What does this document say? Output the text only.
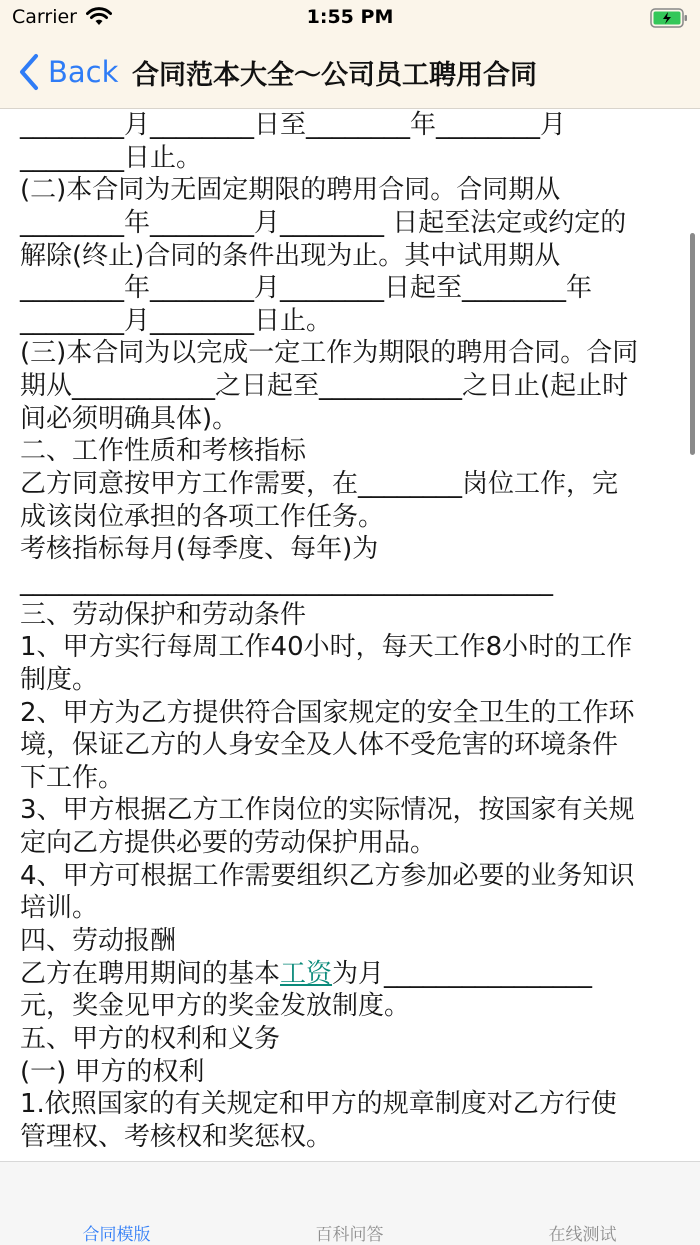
Carrier	1:55 PM
Back 合同范本大全～公司员工聘用合同
________月________日至________年________月
________日止。
(二)本合同为无固定期限的聘用合同。合同期从
________年________月________ 日起至法定或约定的
解除(终止)合同的条件出现为止。其中试用期从
________年________月________日起至________年
________月________日止。
(三)本合同为以完成一定工作为期限的聘用合同。合同
期从___________之日起至___________之日止(起止时
间必须明确具体)。
二、工作性质和考核指标
乙方同意按甲方工作需要，在________岗位工作，完
成该岗位承担的各项工作任务。
考核指标每月(每季度、每年)为
_________________________________________
三、劳动保护和劳动条件
1、甲方实行每周工作40小时，每天工作8小时的工作
制度。
2、甲方为乙方提供符合国家规定的安全卫生的工作环
境，保证乙方的人身安全及人体不受危害的环境条件
下工作。
3、甲方根据乙方工作岗位的实际情况，按国家有关规
定向乙方提供必要的劳动保护用品。
4、甲方可根据工作需要组织乙方参加必要的业务知识
培训。
四、劳动报酬
乙方在聘用期间的基本工资为月________________
元，奖金见甲方的奖金发放制度。
五、甲方的权利和义务
(一) 甲方的权利
1.依照国家的有关规定和甲方的规章制度对乙方行使
管理权、考核权和奖惩权。
合同模版	百科问答	在线测试
